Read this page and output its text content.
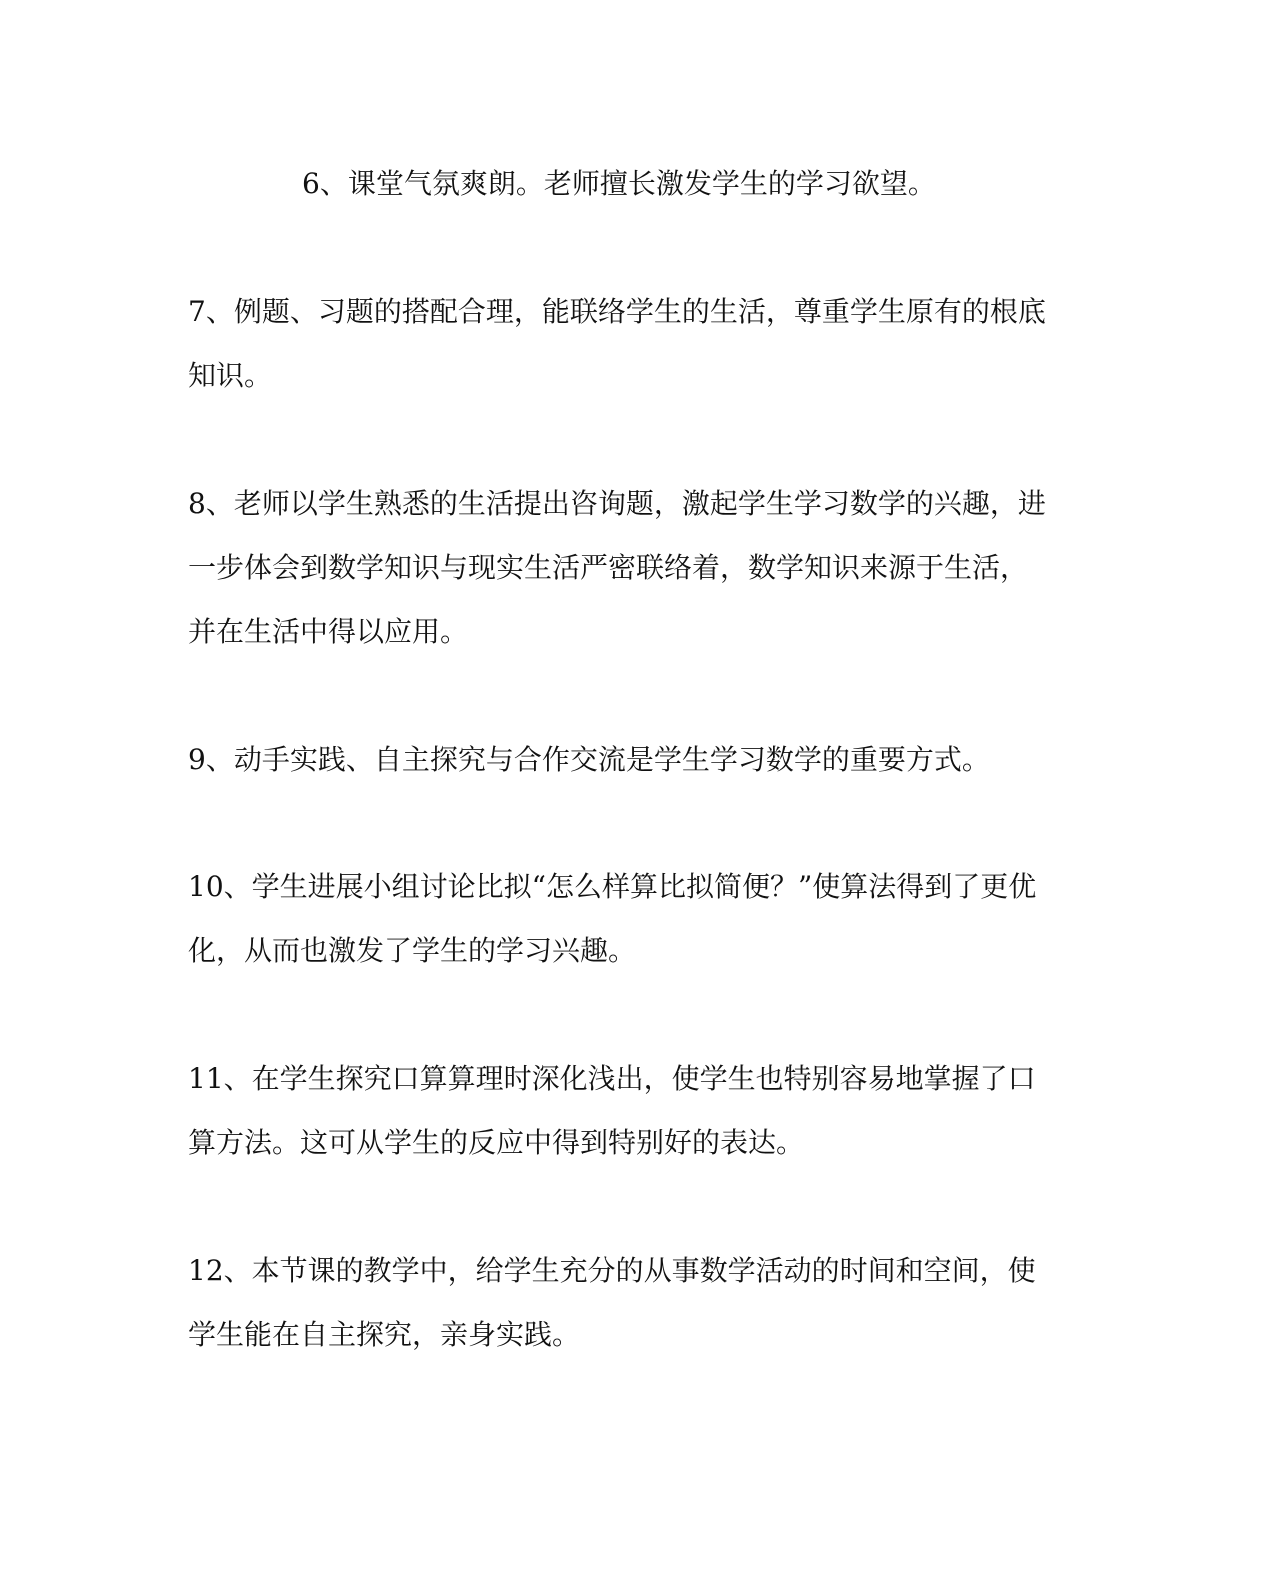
6、课堂气氛爽朗。老师擅长激发学生的学习欲望。
7、例题、习题的搭配合理，能联络学生的生活，尊重学生原有的根底
知识。
8、老师以学生熟悉的生活提出咨询题，激起学生学习数学的兴趣，进
一步体会到数学知识与现实生活严密联络着，数学知识来源于生活，
并在生活中得以应用。
9、动手实践、自主探究与合作交流是学生学习数学的重要方式。
10、学生进展小组讨论比拟“怎么样算比拟简便？”使算法得到了更优
化，从而也激发了学生的学习兴趣。
11、在学生探究口算算理时深化浅出，使学生也特别容易地掌握了口
算方法。这可从学生的反应中得到特别好的表达。
12、本节课的教学中，给学生充分的从事数学活动的时间和空间，使
学生能在自主探究，亲身实践。
